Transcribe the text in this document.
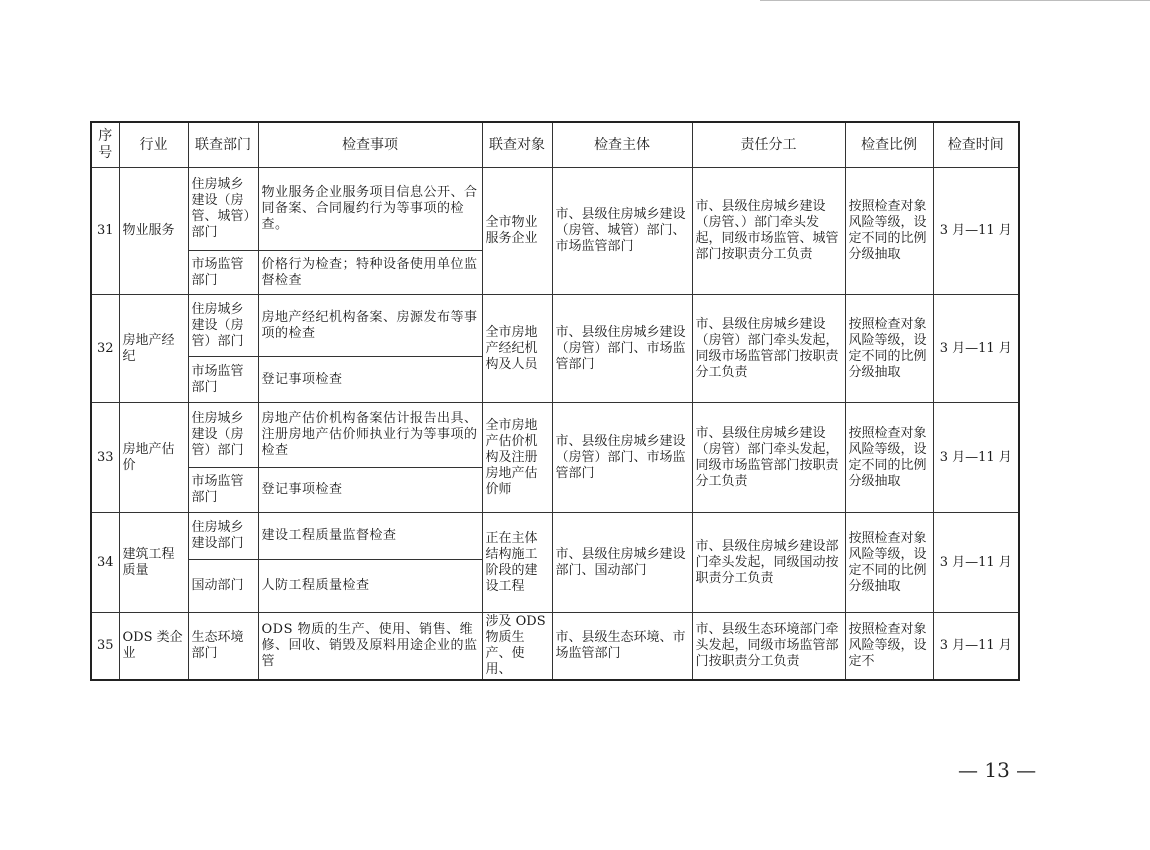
序号	行业	联查部门	检查事项	联查对象	检查主体	责任分工	检查比例	检查时间
31	物业服务	住房城乡建设（房管、城管）部门	物业服务企业服务项目信息公开、合同备案、合同履约行为等事项的检查。	全市物业服务企业	市、县级住房城乡建设（房管、城管）部门、市场监管部门	市、县级住房城乡建设（房管、）部门牵头发起，同级市场监管、城管部门按职责分工负责	按照检查对象风险等级，设定不同的比例分级抽取	3 月—11 月
		市场监管部门	价格行为检查；特种设备使用单位监督检查					
32	房地产经纪	住房城乡建设（房管）部门	房地产经纪机构备案、房源发布等事项的检查	全市房地产经纪机构及人员	市、县级住房城乡建设（房管）部门、市场监管部门	市、县级住房城乡建设（房管）部门牵头发起，同级市场监管部门按职责分工负责	按照检查对象风险等级，设定不同的比例分级抽取	3 月—11 月
		市场监管部门	登记事项检查					
33	房地产估价	住房城乡建设（房管）部门	房地产估价机构备案估计报告出具、注册房地产估价师执业行为等事项的检查	全市房地产估价机构及注册房地产估价师	市、县级住房城乡建设（房管）部门、市场监管部门	市、县级住房城乡建设（房管）部门牵头发起，同级市场监管部门按职责分工负责	按照检查对象风险等级，设定不同的比例分级抽取	3 月—11 月
		市场监管部门	登记事项检查					
34	建筑工程质量	住房城乡建设部门	建设工程质量监督检查	正在主体结构施工阶段的建设工程	市、县级住房城乡建设部门、国动部门	市、县级住房城乡建设部门牵头发起，同级国动按职责分工负责	按照检查对象风险等级，设定不同的比例分级抽取	3 月—11 月
		国动部门	人防工程质量检查					
35	ODS 类企业	生态环境部门	ODS 物质的生产、使用、销售、维修、回收、销毁及原料用途企业的监管	涉及 ODS 物质生产、使用、	市、县级生态环境、市场监管部门	市、县级生态环境部门牵头发起，同级市场监管部门按职责分工负责	按照检查对象风险等级，设定不	3 月—11 月
— 13 —
